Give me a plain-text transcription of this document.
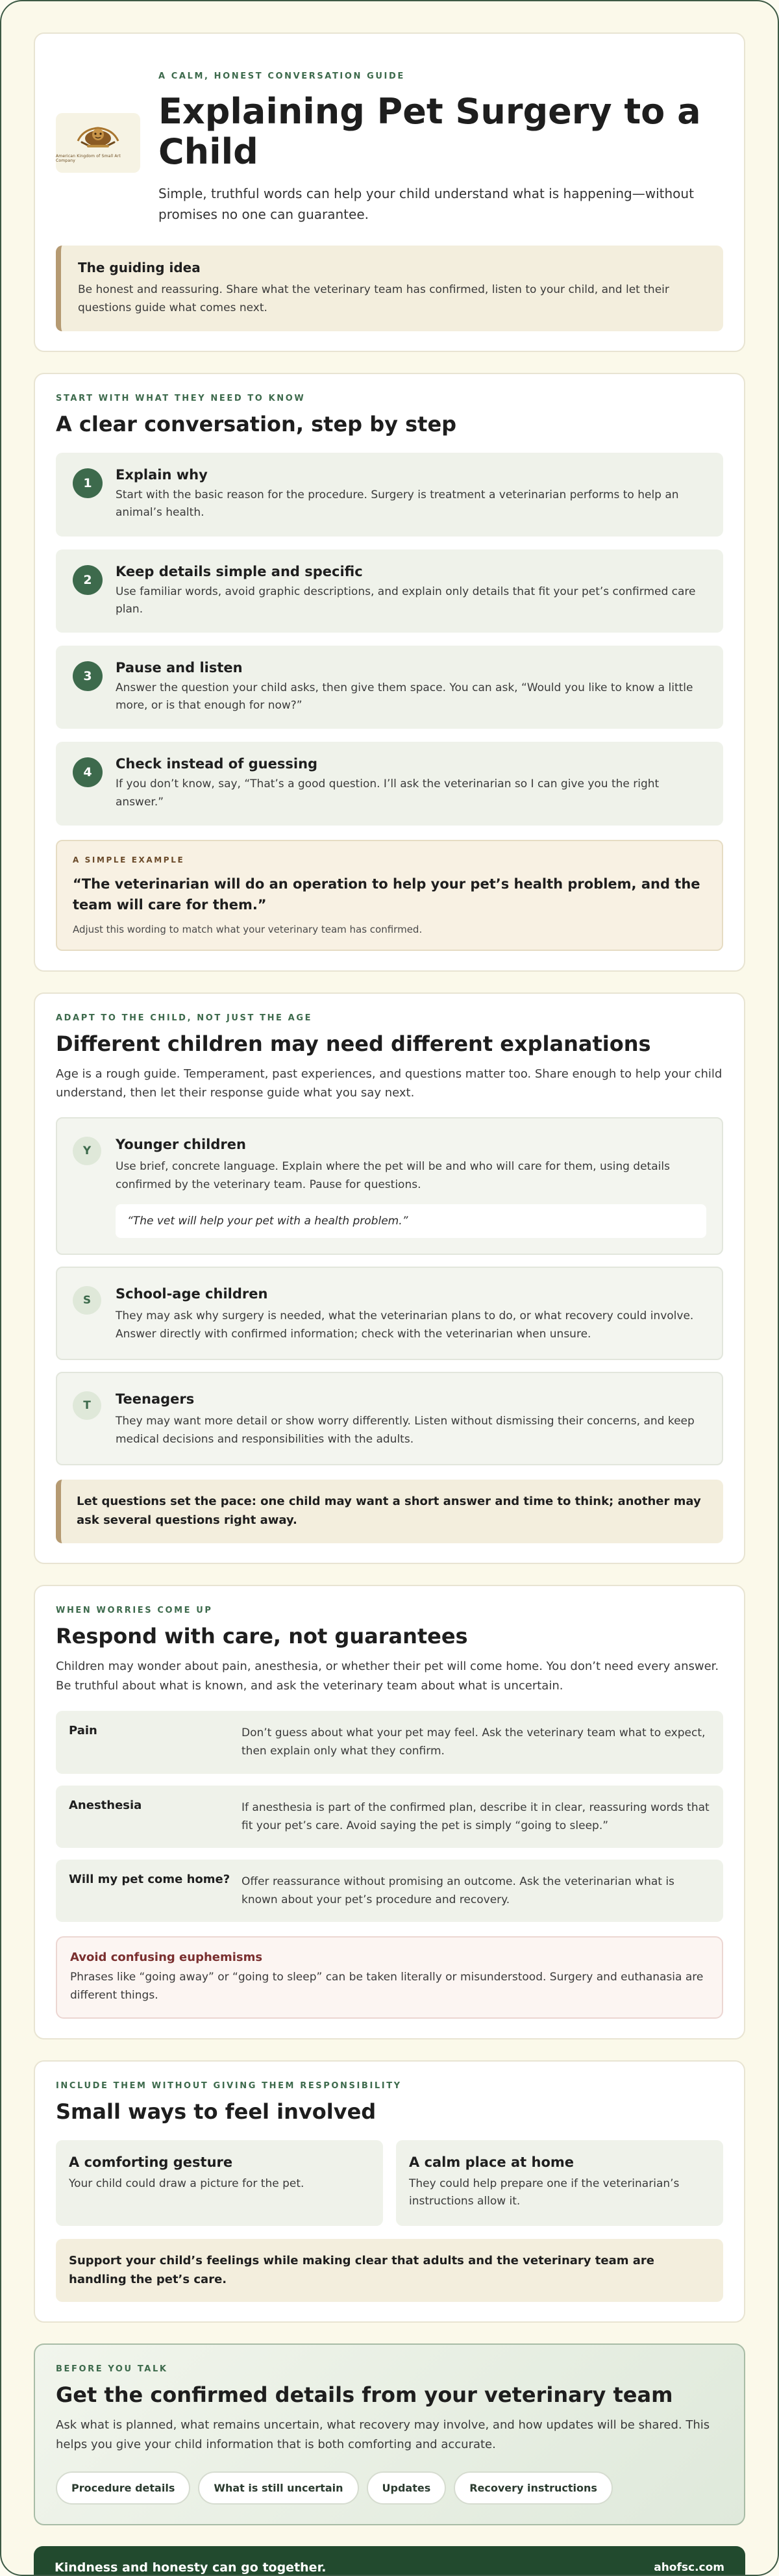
American Kingdom of Small Art Company
A CALM, HONEST CONVERSATION GUIDE
Explaining Pet Surgery to a Child

Simple, truthful words can help your child understand what is happening—without promises no one can guarantee.

The guiding idea
Be honest and reassuring. Share what the veterinary team has confirmed, listen to your child, and let their questions guide what comes next.
START WITH WHAT THEY NEED TO KNOW
A clear conversation, step by step
1
Explain why
Start with the basic reason for the procedure. Surgery is treatment a veterinarian performs to help an animal’s health.
2
Keep details simple and specific
Use familiar words, avoid graphic descriptions, and explain only details that fit your pet’s confirmed care plan.
3
Pause and listen
Answer the question your child asks, then give them space. You can ask, “Would you like to know a little more, or is that enough for now?”
4
Check instead of guessing
If you don’t know, say, “That’s a good question. I’ll ask the veterinarian so I can give you the right answer.”
A SIMPLE EXAMPLE
“The veterinarian will do an operation to help your pet’s health problem, and the team will care for them.”
Adjust this wording to match what your veterinary team has confirmed.
ADAPT TO THE CHILD, NOT JUST THE AGE
Different children may need different explanations

Age is a rough guide. Temperament, past experiences, and questions matter too. Share enough to help your child understand, then let their response guide what you say next.

Y	Younger children
Use brief, concrete language. Explain where the pet will be and who will care for them, using details confirmed by the veterinary team. Pause for questions.
“The vet will help your pet with a health problem.”
S	School-age children
They may ask why surgery is needed, what the veterinarian plans to do, or what recovery could involve. Answer directly with confirmed information; check with the veterinarian when unsure.
T	Teenagers
They may want more detail or show worry differently. Listen without dismissing their concerns, and keep medical decisions and responsibilities with the adults.
Let questions set the pace: one child may want a short answer and time to think; another may ask several questions right away.
WHEN WORRIES COME UP
Respond with care, not guarantees

Children may wonder about pain, anesthesia, or whether their pet will come home. You don’t need every answer. Be truthful about what is known, and ask the veterinary team about what is uncertain.

Pain	Don’t guess about what your pet may feel. Ask the veterinary team what to expect, then explain only what they confirm.
Anesthesia	If anesthesia is part of the confirmed plan, describe it in clear, reassuring words that fit your pet’s care. Avoid saying the pet is simply “going to sleep.”
Will my pet come home?	Offer reassurance without promising an outcome. Ask the veterinarian what is known about your pet’s procedure and recovery.
Avoid confusing euphemisms
Phrases like “going away” or “going to sleep” can be taken literally or misunderstood. Surgery and euthanasia are different things.
INCLUDE THEM WITHOUT GIVING THEM RESPONSIBILITY
Small ways to feel involved
A comforting gesture
Your child could draw a picture for the pet.
A calm place at home
They could help prepare one if the veterinarian’s instructions allow it.
Support your child’s feelings while making clear that adults and the veterinary team are handling the pet’s care.
BEFORE YOU TALK
Get the confirmed details from your veterinary team

Ask what is planned, what remains uncertain, what recovery may involve, and how updates will be shared. This helps you give your child information that is both comforting and accurate.

Procedure details	What is still uncertain	Updates	Recovery instructions
Kindness and honesty can go together.	ahofsc.com
